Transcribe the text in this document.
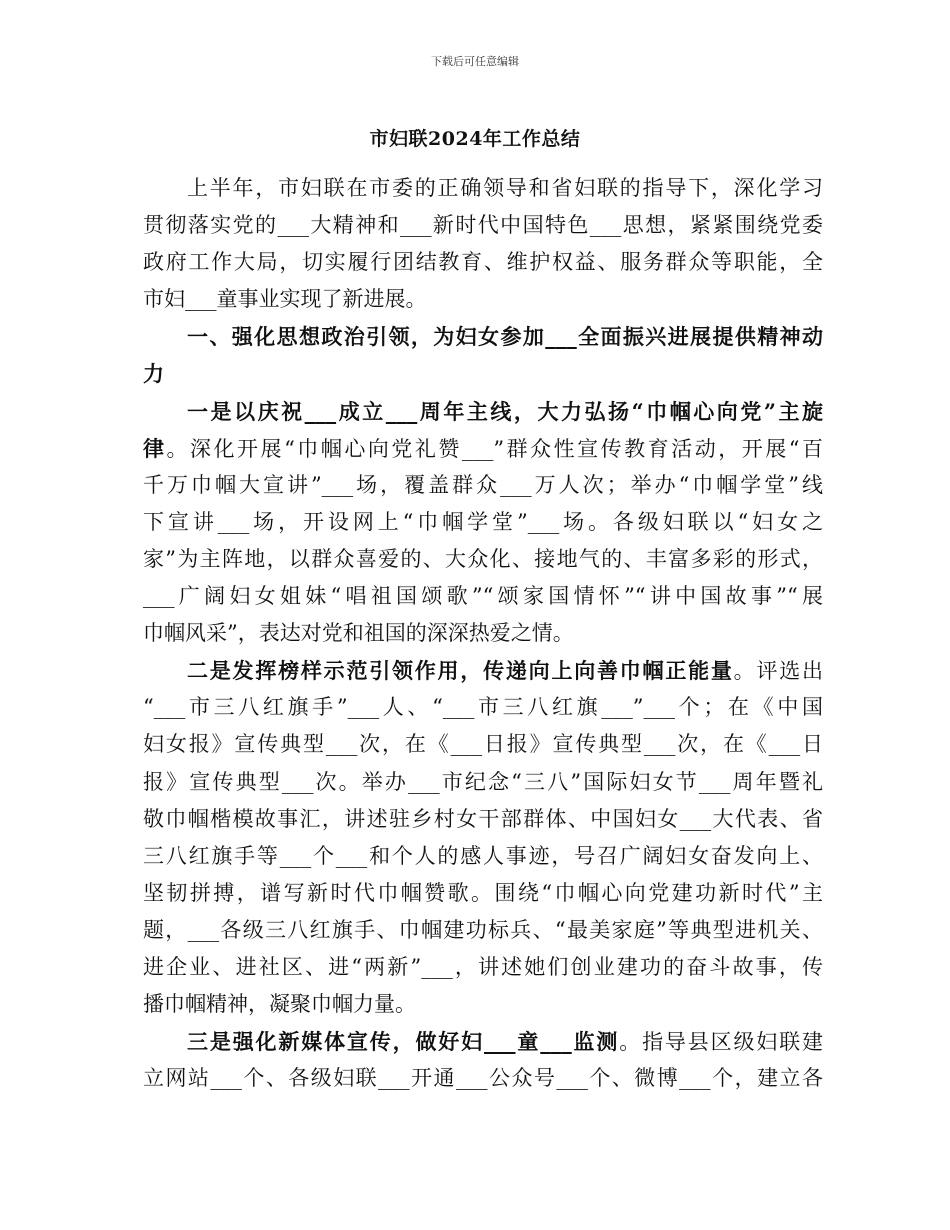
下载后可任意编辑
市妇联2024年工作总结
上半年，市妇联在市委的正确领导和省妇联的指导下，深化学习
贯彻落实党的___大精神和___新时代中国特色___思想，紧紧围绕党委
政府工作大局，切实履行团结教育、维护权益、服务群众等职能，全
市妇___童事业实现了新进展。
一、强化思想政治引领，为妇女参加___全面振兴进展提供精神动
力
一是以庆祝___成立___周年主线，大力弘扬“巾帼心向党”主旋
律。深化开展“巾帼心向党礼赞___”群众性宣传教育活动，开展“百
千万巾帼大宣讲”___场，覆盖群众___万人次；举办“巾帼学堂”线
下宣讲___场，开设网上“巾帼学堂”___场。各级妇联以“妇女之
家”为主阵地，以群众喜爱的、大众化、接地气的、丰富多彩的形式，
___广阔妇女姐妹“唱祖国颂歌”“颂家国情怀”“讲中国故事”“展
巾帼风采”，表达对党和祖国的深深热爱之情。
二是发挥榜样示范引领作用，传递向上向善巾帼正能量。评选出
“___市三八红旗手”___人、“___市三八红旗___”___个；在《中国
妇女报》宣传典型___次，在《___日报》宣传典型___次，在《___日
报》宣传典型___次。举办___市纪念“三八”国际妇女节___周年暨礼
敬巾帼楷模故事汇，讲述驻乡村女干部群体、中国妇女___大代表、省
三八红旗手等___个___和个人的感人事迹，号召广阔妇女奋发向上、
坚韧拼搏，谱写新时代巾帼赞歌。围绕“巾帼心向党建功新时代”主
题，___各级三八红旗手、巾帼建功标兵、“最美家庭”等典型进机关、
进企业、进社区、进“两新”___，讲述她们创业建功的奋斗故事，传
播巾帼精神，凝聚巾帼力量。
三是强化新媒体宣传，做好妇___童___监测。指导县区级妇联建
立网站___个、各级妇联___开通___公众号___个、微博___个，建立各
